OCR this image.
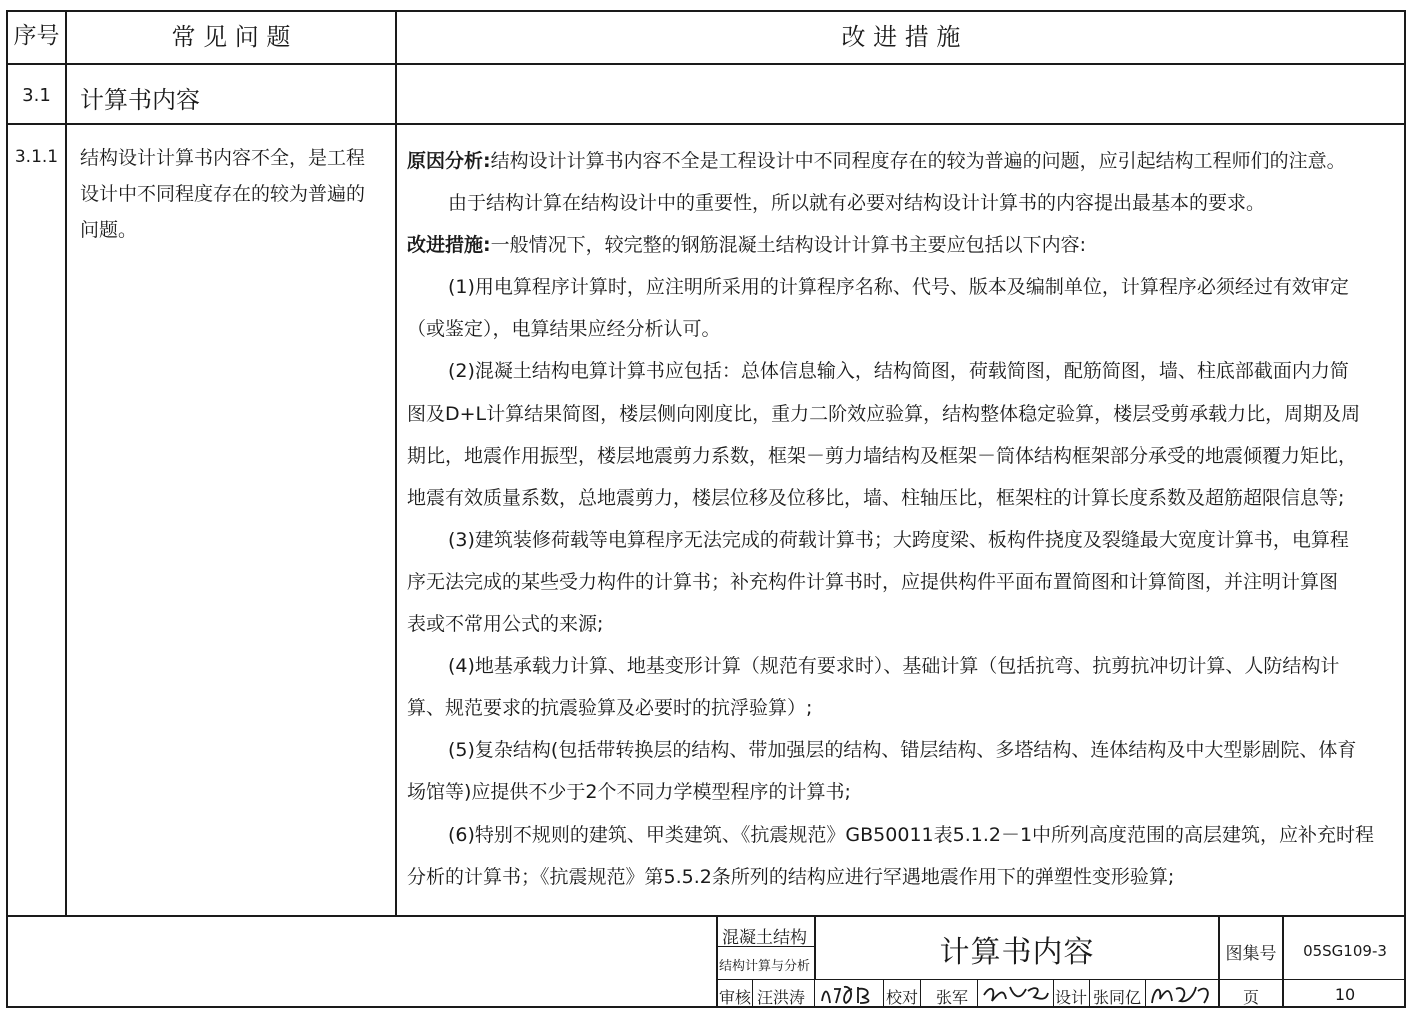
序号	常 见 问 题	改 进 措 施
3.1	计算书内容
3.1.1	结构设计计算书内容不全，是工程
设计中不同程度存在的较为普遍的
问题。

原因分析:结构设计计算书内容不全是工程设计中不同程度存在的较为普遍的问题，应引起结构工程师们的注意。

由于结构计算在结构设计中的重要性，所以就有必要对结构设计计算书的内容提出最基本的要求。

改进措施:一般情况下，较完整的钢筋混凝土结构设计计算书主要应包括以下内容:

(1)用电算程序计算时，应注明所采用的计算程序名称、代号、版本及编制单位，计算程序必须经过有效审定

（或鉴定），电算结果应经分析认可。

(2)混凝土结构电算计算书应包括：总体信息输入，结构简图，荷载简图，配筋简图，墙、柱底部截面内力简

图及D+L计算结果简图，楼层侧向刚度比，重力二阶效应验算，结构整体稳定验算，楼层受剪承载力比，周期及周

期比，地震作用振型，楼层地震剪力系数，框架－剪力墙结构及框架－筒体结构框架部分承受的地震倾覆力矩比，

地震有效质量系数，总地震剪力，楼层位移及位移比，墙、柱轴压比，框架柱的计算长度系数及超筋超限信息等;

(3)建筑装修荷载等电算程序无法完成的荷载计算书；大跨度梁、板构件挠度及裂缝最大宽度计算书，电算程

序无法完成的某些受力构件的计算书；补充构件计算书时，应提供构件平面布置简图和计算简图，并注明计算图

表或不常用公式的来源;

(4)地基承载力计算、地基变形计算（规范有要求时）、基础计算（包括抗弯、抗剪抗冲切计算、人防结构计

算、规范要求的抗震验算及必要时的抗浮验算）;

(5)复杂结构(包括带转换层的结构、带加强层的结构、错层结构、多塔结构、连体结构及中大型影剧院、体育

场馆等)应提供不少于2个不同力学模型程序的计算书;

(6)特别不规则的建筑、甲类建筑、《抗震规范》GB50011表5.1.2－1中所列高度范围的高层建筑，应补充时程

分析的计算书；《抗震规范》第5.5.2条所列的结构应进行罕遇地震作用下的弹塑性变形验算;

混凝土结构
结构计算与分析	计算书内容	图集号	05SG109-3
审核 汪洪涛	校对 张军	设计 张同亿	页	10
